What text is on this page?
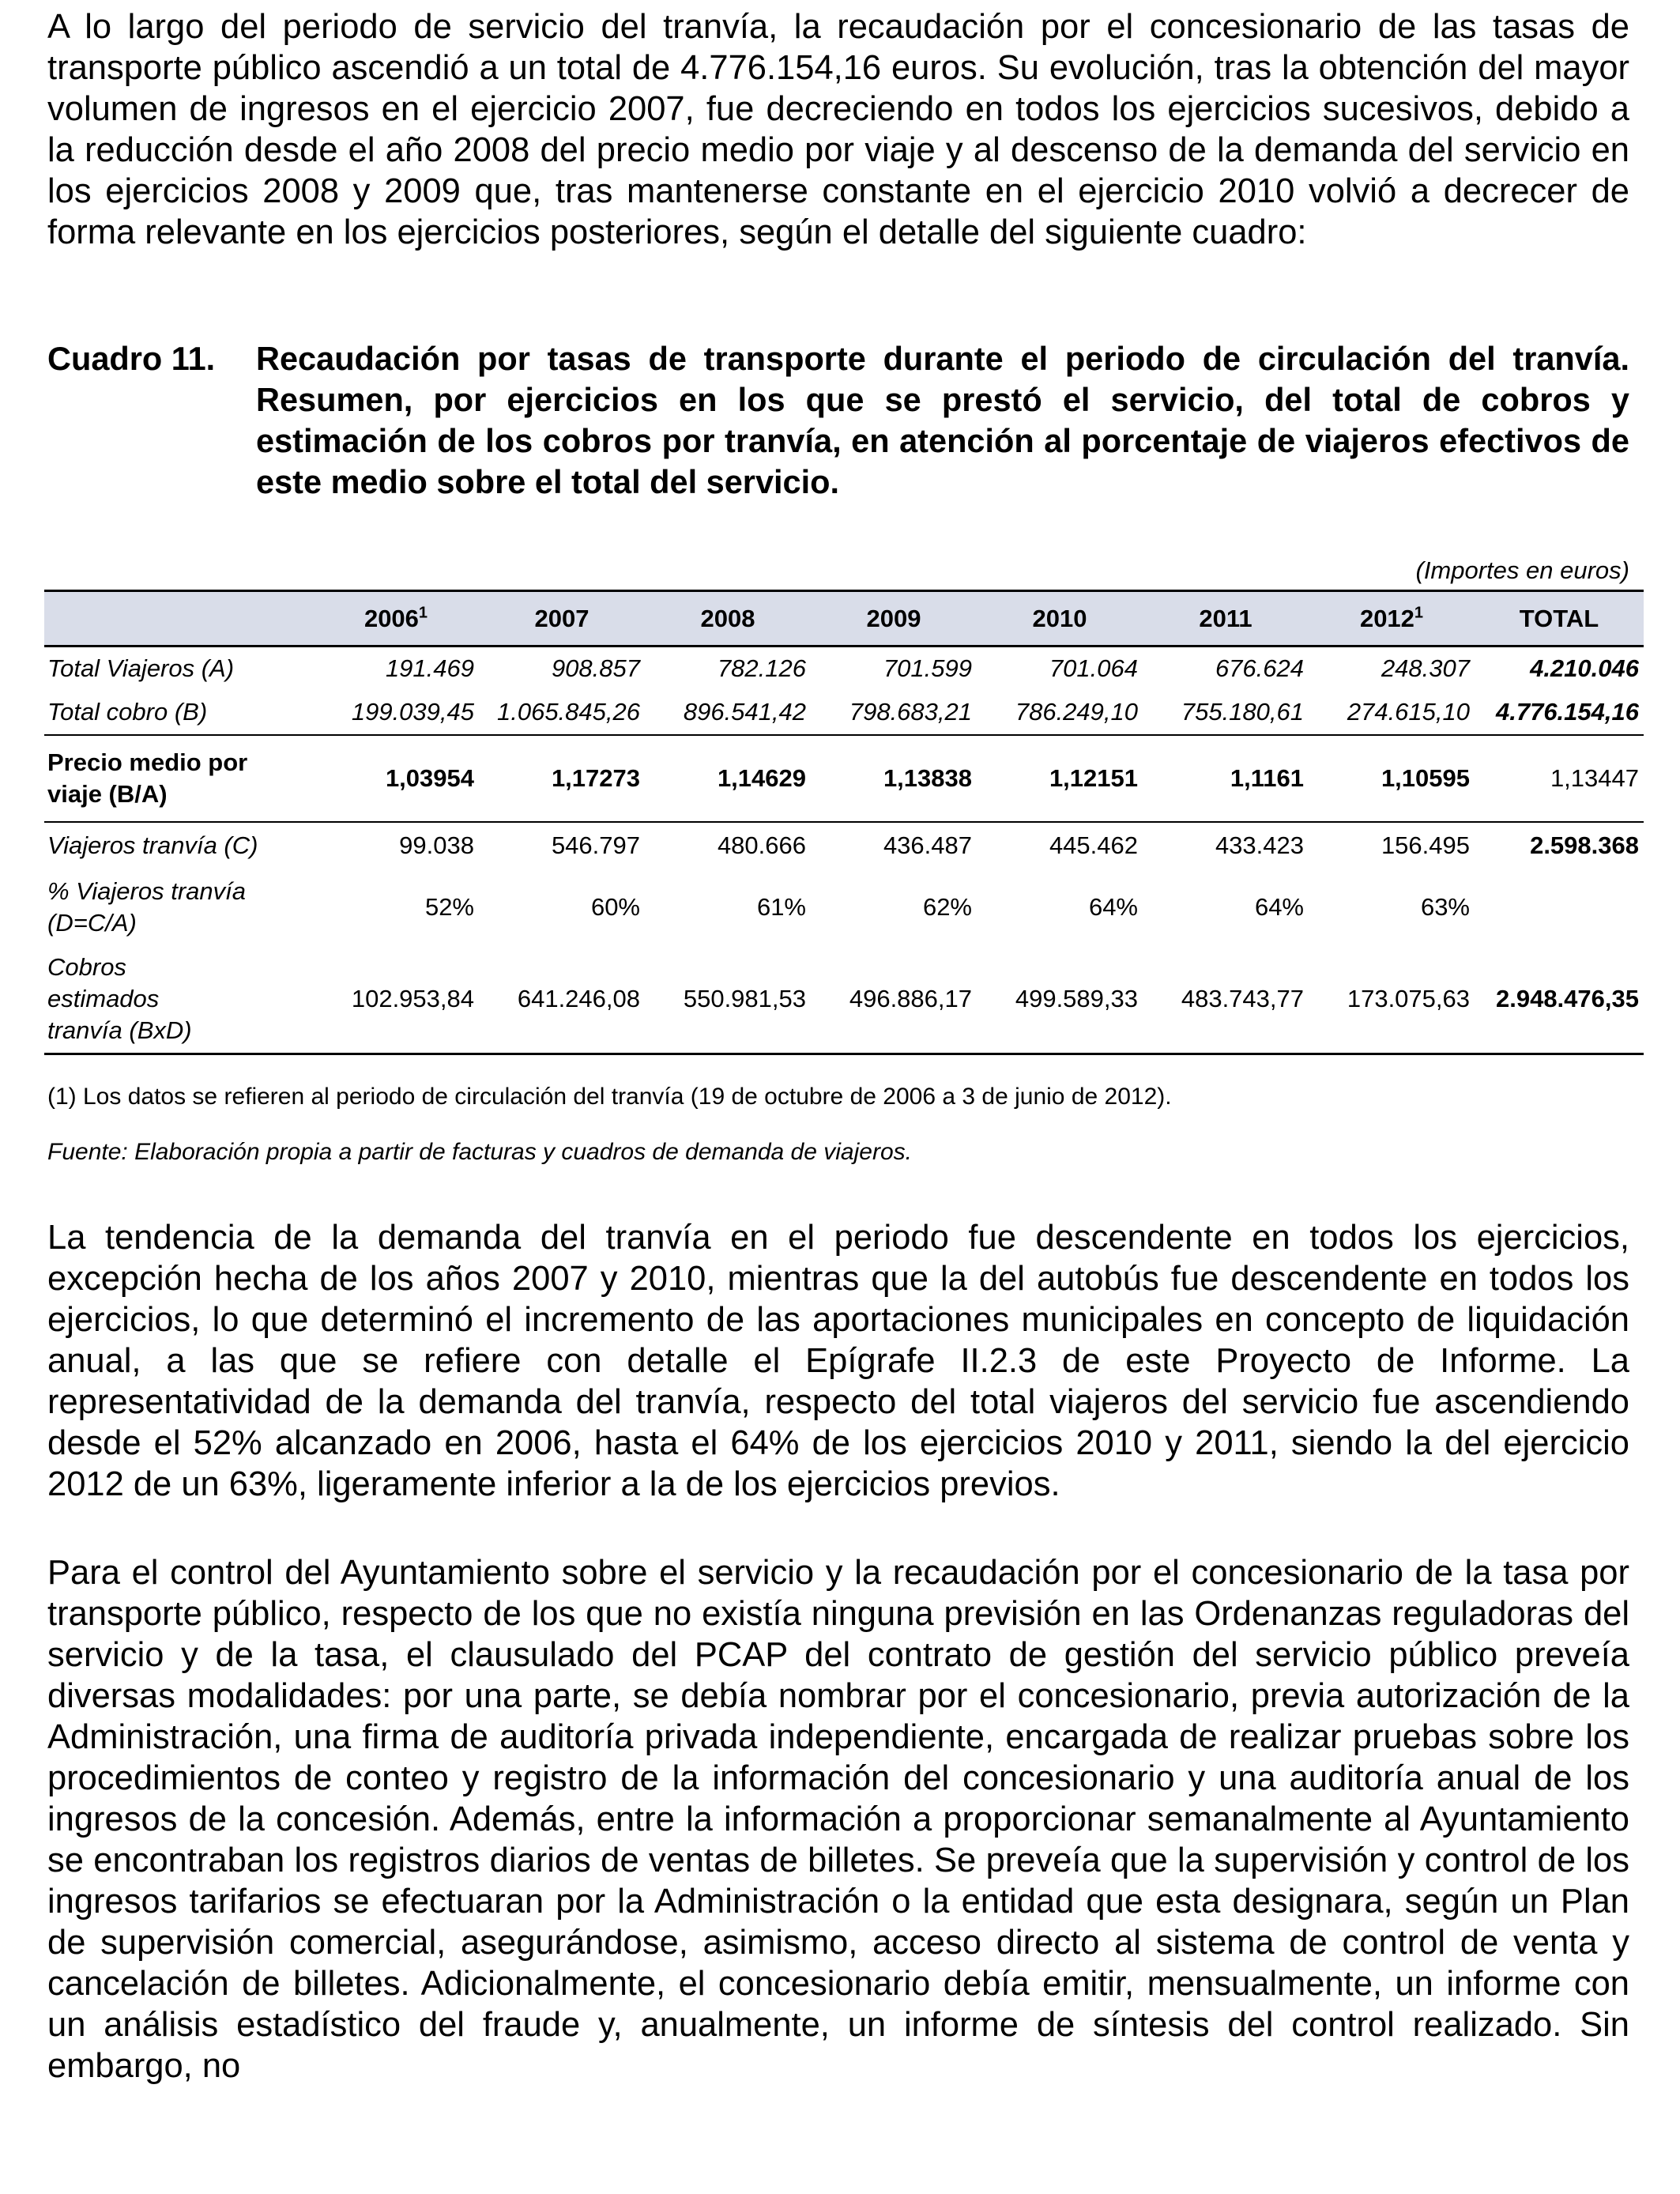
A lo largo del periodo de servicio del tranvía, la recaudación por el concesionario de las tasas de transporte público ascendió a un total de 4.776.154,16 euros. Su evolución, tras la obtención del mayor volumen de ingresos en el ejercicio 2007, fue decreciendo en todos los ejercicios sucesivos, debido a la reducción desde el año 2008 del precio medio por viaje y al descenso de la demanda del servicio en los ejercicios 2008 y 2009 que, tras mantenerse constante en el ejercicio 2010 volvió a decrecer de forma relevante en los ejercicios posteriores, según el detalle del siguiente cuadro:

Cuadro 11. Recaudación por tasas de transporte durante el periodo de circulación del tranvía. Resumen, por ejercicios en los que se prestó el servicio, del total de cobros y estimación de los cobros por tranvía, en atención al porcentaje de viajeros efectivos de este medio sobre el total del servicio.
(Importes en euros)
	2006$^1$	2007	2008	2009	2010	2011	2012$^1$	TOTAL
Total Viajeros (A)	191.469	908.857	782.126	701.599	701.064	676.624	248.307	4.210.046
Total cobro (B)	199.039,45	1.065.845,26	896.541,42	798.683,21	786.249,10	755.180,61	274.615,10	4.776.154,16
Precio medio por viaje (B/A)	1,03954	1,17273	1,14629	1,13838	1,12151	1,1161	1,10595	1,13447
Viajeros tranvía (C)	99.038	546.797	480.666	436.487	445.462	433.423	156.495	2.598.368
% Viajeros tranvía (D=C/A)	52%	60%	61%	62%	64%	64%	63%	
Cobros estimados tranvía (BxD)	102.953,84	641.246,08	550.981,53	496.886,17	499.589,33	483.743,77	173.075,63	2.948.476,35
(1) Los datos se refieren al periodo de circulación del tranvía (19 de octubre de 2006 a 3 de junio de 2012).
Fuente: Elaboración propia a partir de facturas y cuadros de demanda de viajeros.

La tendencia de la demanda del tranvía en el periodo fue descendente en todos los ejercicios, excepción hecha de los años 2007 y 2010, mientras que la del autobús fue descendente en todos los ejercicios, lo que determinó el incremento de las aportaciones municipales en concepto de liquidación anual, a las que se refiere con detalle el Epígrafe II.2.3 de este Proyecto de Informe. La representatividad de la demanda del tranvía, respecto del total viajeros del servicio fue ascendiendo desde el 52% alcanzado en 2006, hasta el 64% de los ejercicios 2010 y 2011, siendo la del ejercicio 2012 de un 63%, ligeramente inferior a la de los ejercicios previos.

Para el control del Ayuntamiento sobre el servicio y la recaudación por el concesionario de la tasa por transporte público, respecto de los que no existía ninguna previsión en las Ordenanzas reguladoras del servicio y de la tasa, el clausulado del PCAP del contrato de gestión del servicio público preveía diversas modalidades: por una parte, se debía nombrar por el concesionario, previa autorización de la Administración, una firma de auditoría privada independiente, encargada de realizar pruebas sobre los procedimientos de conteo y registro de la información del concesionario y una auditoría anual de los ingresos de la concesión. Además, entre la información a proporcionar semanalmente al Ayuntamiento se encontraban los registros diarios de ventas de billetes. Se preveía que la supervisión y control de los ingresos tarifarios se efectuaran por la Administración o la entidad que esta designara, según un Plan de supervisión comercial, asegurándose, asimismo, acceso directo al sistema de control de venta y cancelación de billetes. Adicionalmente, el concesionario debía emitir, mensualmente, un informe con un análisis estadístico del fraude y, anualmente, un informe de síntesis del control realizado. Sin embargo, no
